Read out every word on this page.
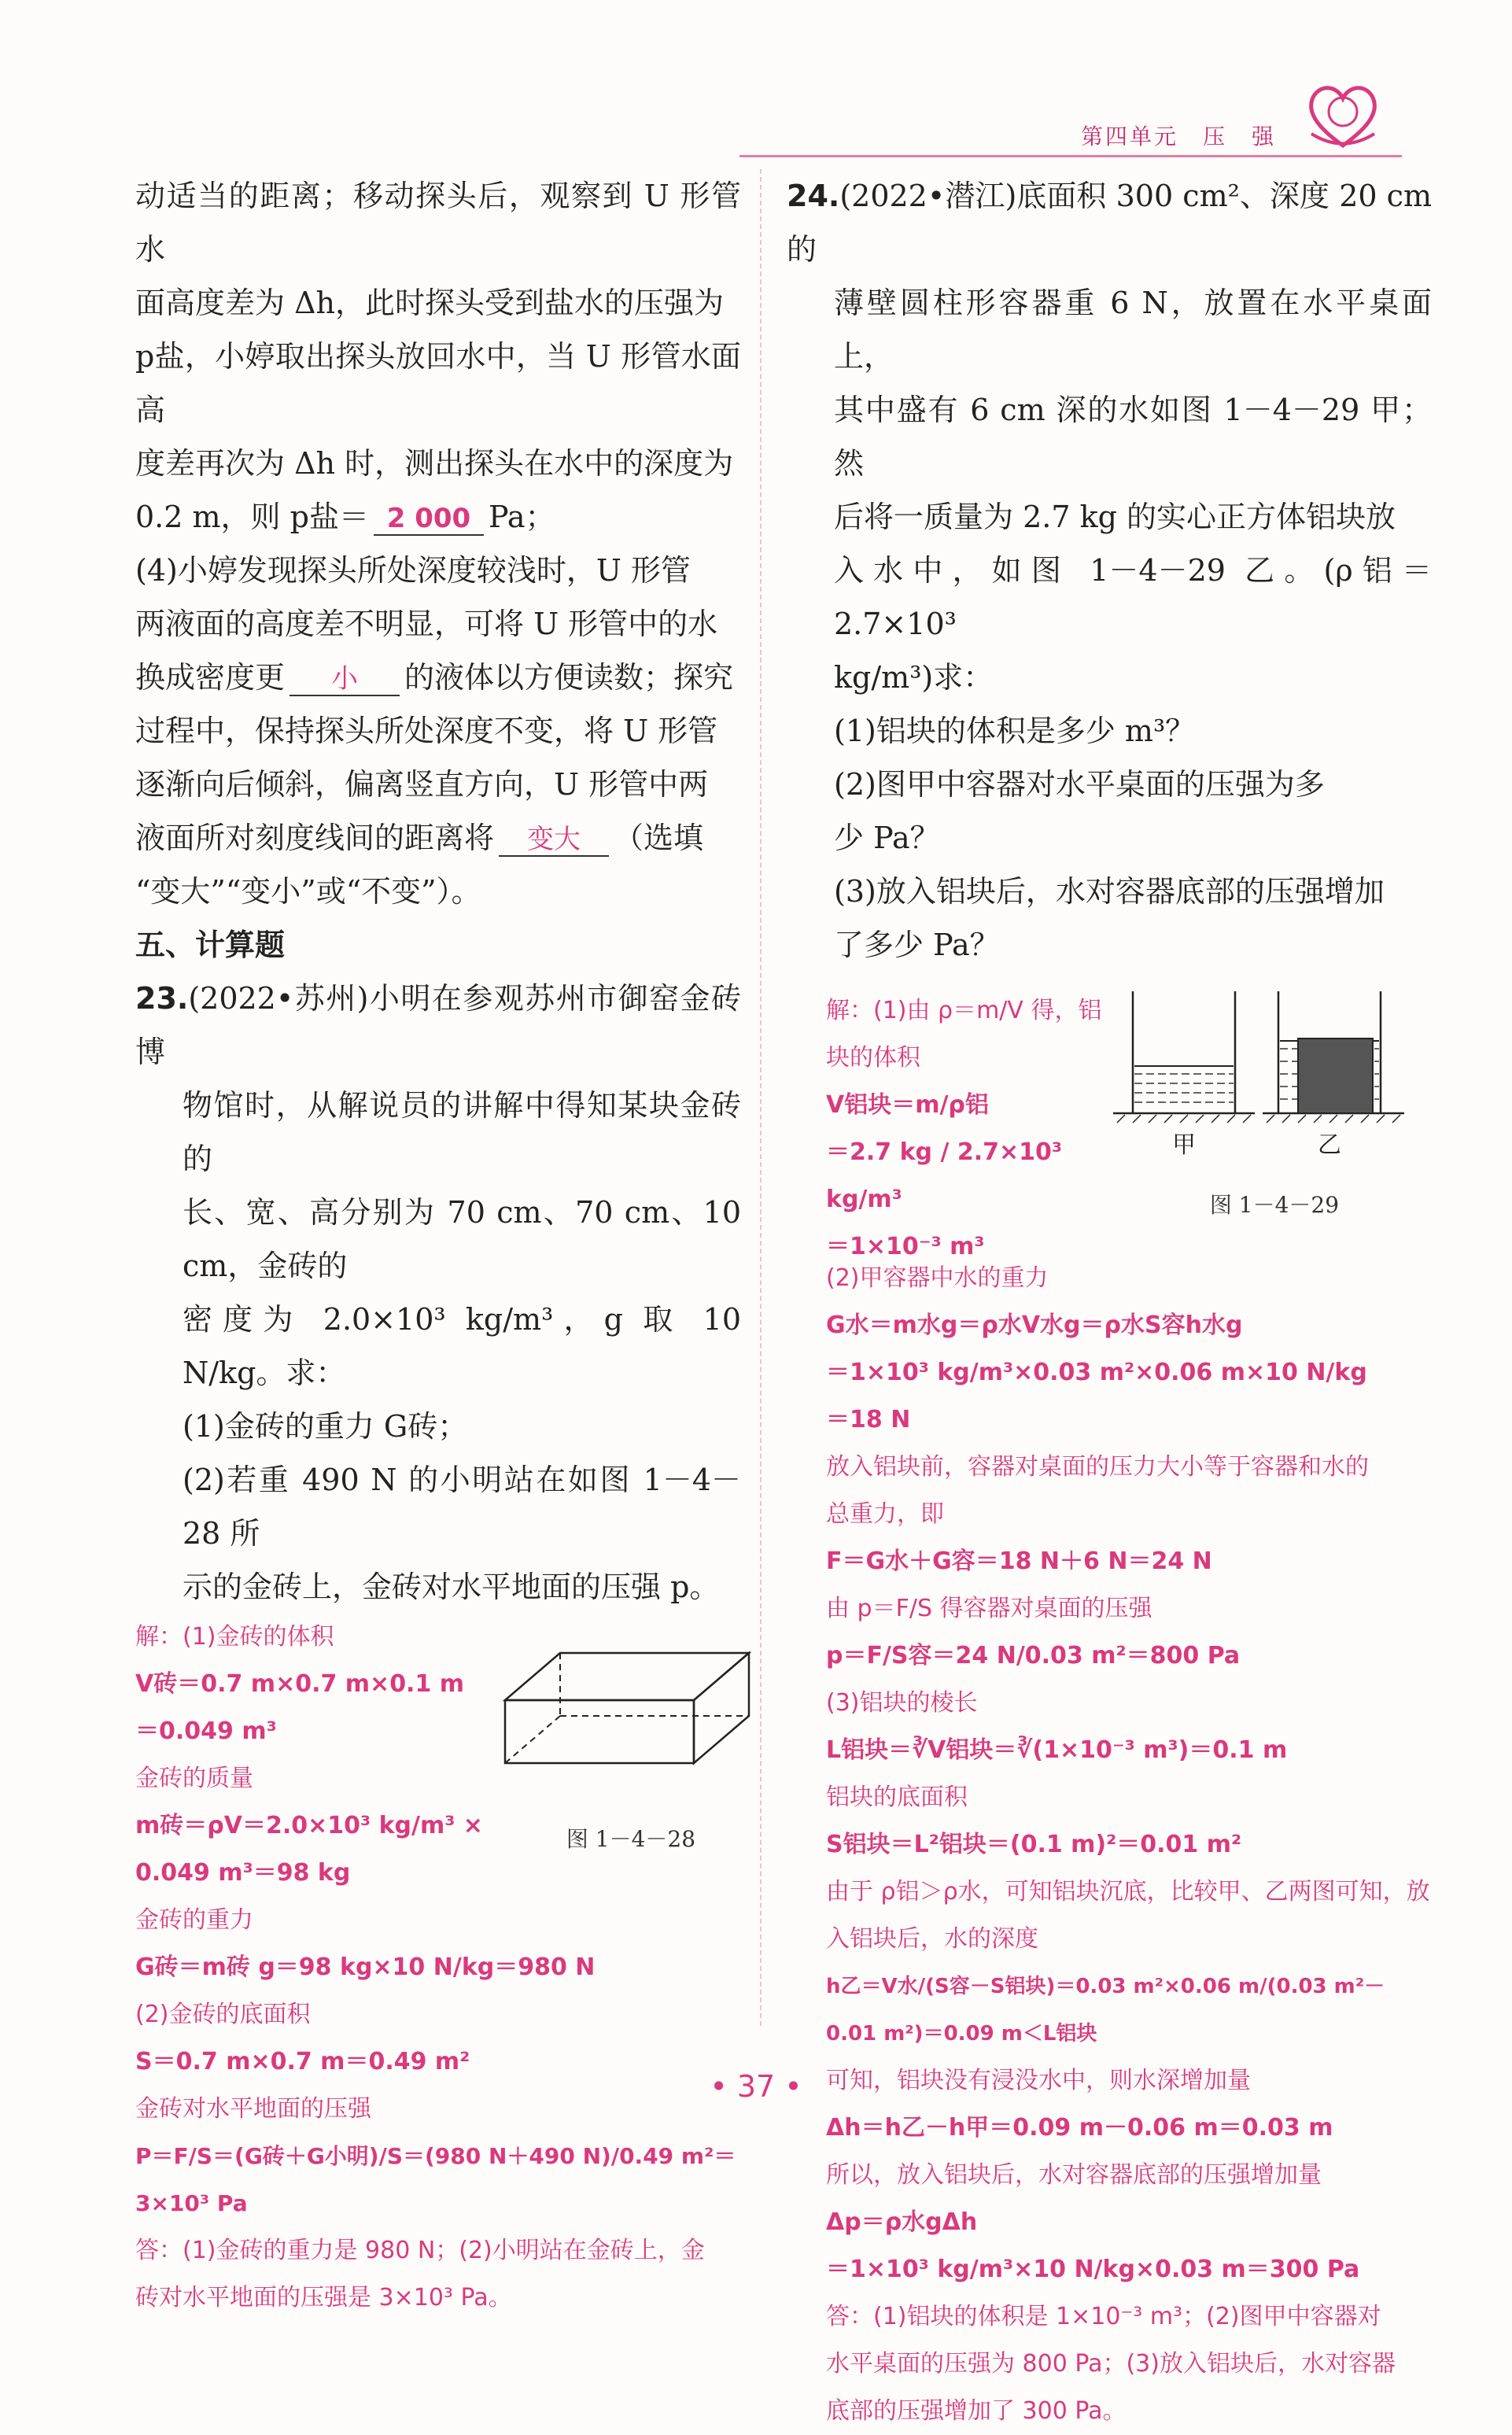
第四单元　压　强

动适当的距离；移动探头后，观察到 U 形管水

面高度差为 Δh，此时探头受到盐水的压强为

p盐，小婷取出探头放回水中，当 U 形管水面高

度差再次为 Δh 时，测出探头在水中的深度为

0.2 m，则 p盐＝ 2 000 Pa；

(4)小婷发现探头所处深度较浅时，U 形管

两液面的高度差不明显，可将 U 形管中的水

换成密度更 小 的液体以方便读数；探究

过程中，保持探头所处深度不变，将 U 形管

逐渐向后倾斜，偏离竖直方向，U 形管中两

液面所对刻度线间的距离将 变大 （选填

“变大”“变小”或“不变”）。

五、计算题

23.(2022•苏州)小明在参观苏州市御窑金砖博

物馆时，从解说员的讲解中得知某块金砖的

长、宽、高分别为 70 cm、70 cm、10 cm，金砖的

密度为 2.0×10³ kg/m³，g 取 10 N/kg。求：

(1)金砖的重力 G砖；

(2)若重 490 N 的小明站在如图 1－4－28 所

示的金砖上，金砖对水平地面的压强 p。

图 1－4－28

解：(1)金砖的体积

V砖＝0.7 m×0.7 m×0.1 m

＝0.049 m³

金砖的质量

m砖＝ρV＝2.0×10³ kg/m³ ×

0.049 m³＝98 kg

金砖的重力

G砖＝m砖 g＝98 kg×10 N/kg＝980 N

(2)金砖的底面积

S＝0.7 m×0.7 m＝0.49 m²

金砖对水平地面的压强

P＝F/S＝(G砖＋G小明)/S＝(980 N＋490 N)/0.49 m²＝3×10³ Pa

答：(1)金砖的重力是 980 N；(2)小明站在金砖上，金

砖对水平地面的压强是 3×10³ Pa。

24.(2022•潜江)底面积 300 cm²、深度 20 cm 的

薄壁圆柱形容器重 6 N，放置在水平桌面上，

其中盛有 6 cm 深的水如图 1－4－29 甲；然

后将一质量为 2.7 kg 的实心正方体铝块放

入水中，如图 1－4－29 乙。(ρ铝＝2.7×10³

kg/m³)求：

(1)铝块的体积是多少 m³？

(2)图甲中容器对水平桌面的压强为多

少 Pa？

(3)放入铝块后，水对容器底部的压强增加

了多少 Pa？

解：(1)由 ρ＝m/V 得，铝

块的体积

V铝块＝m/ρ铝

＝2.7 kg / 2.7×10³ kg/m³

＝1×10⁻³ m³

甲	乙
图 1－4－29

(2)甲容器中水的重力

G水＝m水g＝ρ水V水g＝ρ水S容h水g

＝1×10³ kg/m³×0.03 m²×0.06 m×10 N/kg

＝18 N

放入铝块前，容器对桌面的压力大小等于容器和水的

总重力，即

F＝G水＋G容＝18 N＋6 N＝24 N

由 p＝F/S 得容器对桌面的压强

p＝F/S容＝24 N/0.03 m²＝800 Pa

(3)铝块的棱长

L铝块＝∛V铝块＝∛(1×10⁻³ m³)＝0.1 m

铝块的底面积

S铝块＝L²铝块＝(0.1 m)²＝0.01 m²

由于 ρ铝＞ρ水，可知铝块沉底，比较甲、乙两图可知，放

入铝块后，水的深度

h乙＝V水/(S容－S铝块)＝0.03 m²×0.06 m/(0.03 m²－0.01 m²)＝0.09 m＜L铝块

可知，铝块没有浸没水中，则水深增加量

Δh＝h乙－h甲＝0.09 m－0.06 m＝0.03 m

所以，放入铝块后，水对容器底部的压强增加量

Δp＝ρ水gΔh

＝1×10³ kg/m³×10 N/kg×0.03 m＝300 Pa

答：(1)铝块的体积是 1×10⁻³ m³；(2)图甲中容器对

水平桌面的压强为 800 Pa；(3)放入铝块后，水对容器

底部的压强增加了 300 Pa。

• 37 •
